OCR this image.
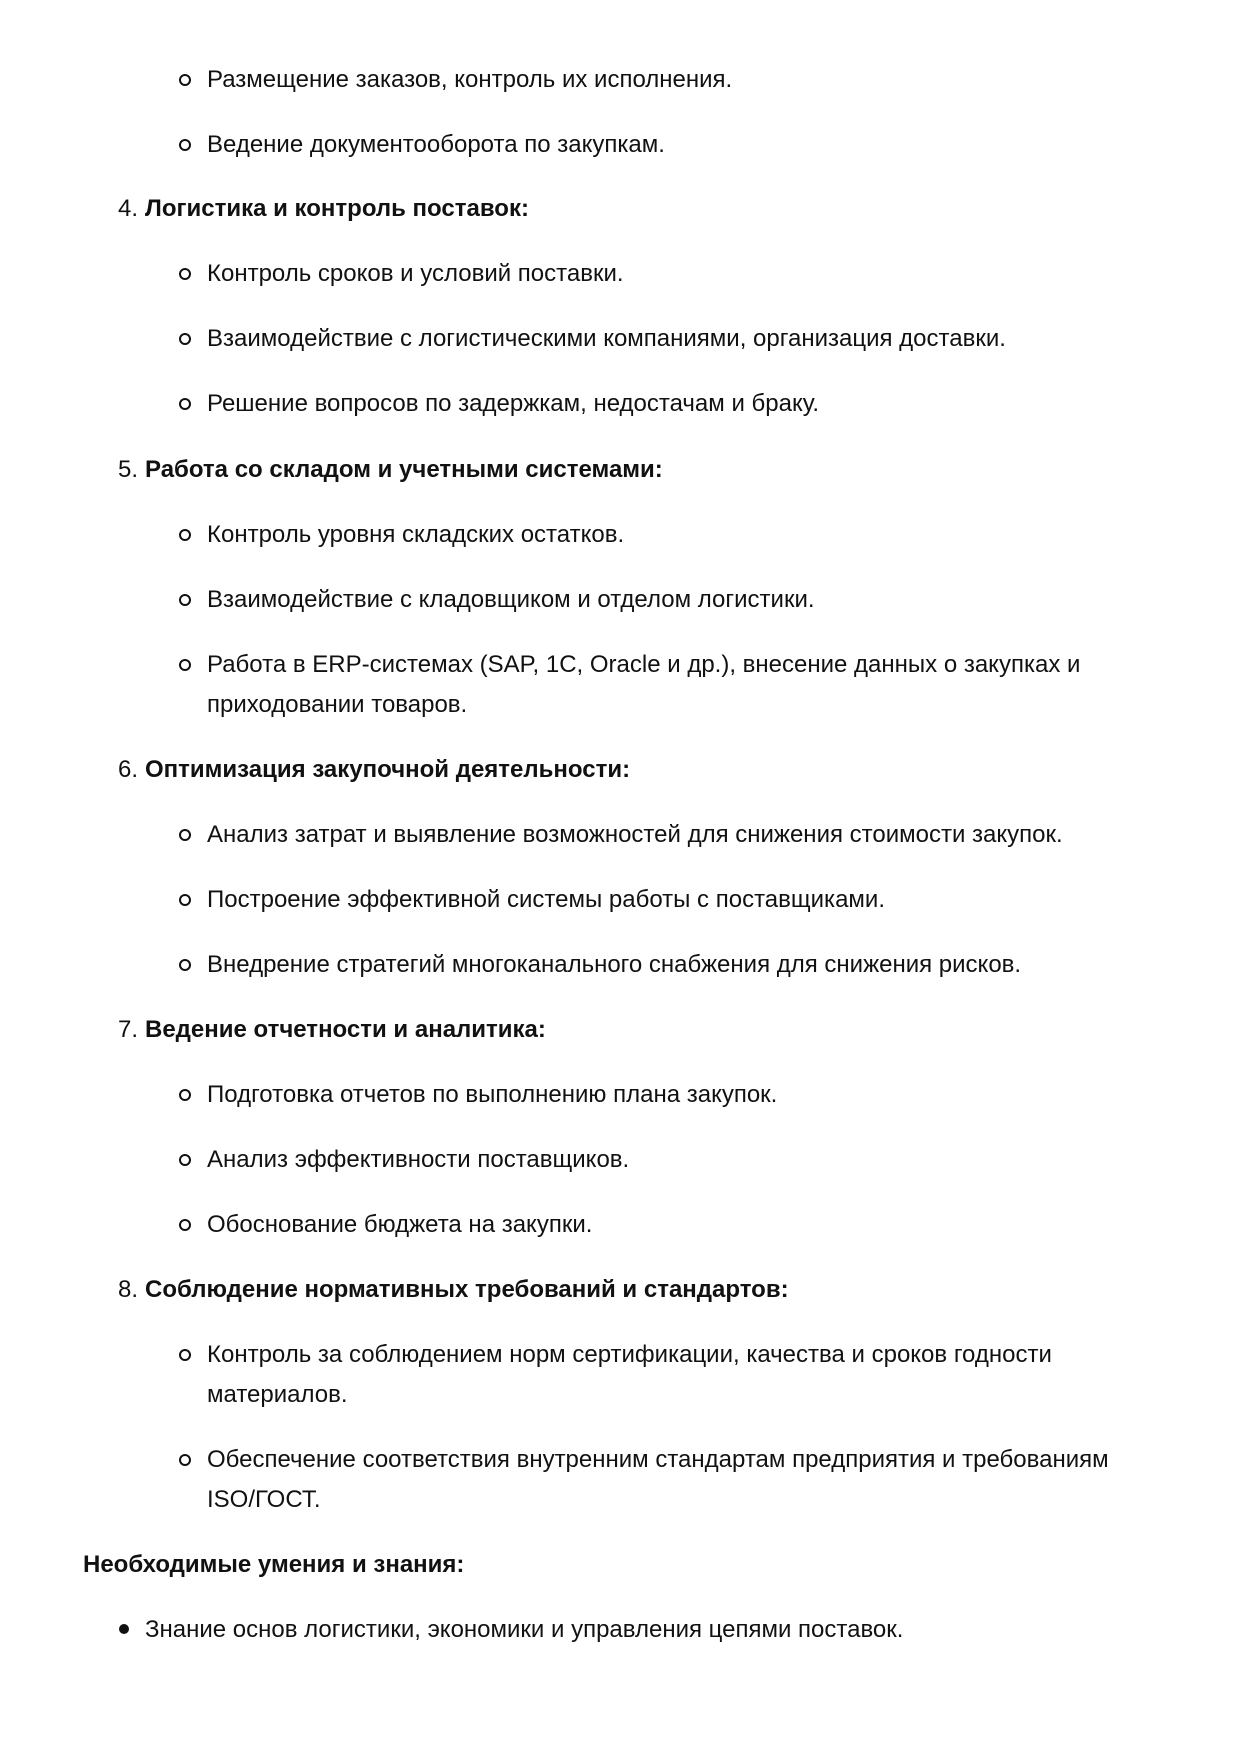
Размещение заказов, контроль их исполнения.
Ведение документооборота по закупкам.
4. Логистика и контроль поставок:
Контроль сроков и условий поставки.
Взаимодействие с логистическими компаниями, организация доставки.
Решение вопросов по задержкам, недостачам и браку.
5. Работа со складом и учетными системами:
Контроль уровня складских остатков.
Взаимодействие с кладовщиком и отделом логистики.
Работа в ERP-системах (SAP, 1С, Oracle и др.), внесение данных о закупках и
приходовании товаров.
6. Оптимизация закупочной деятельности:
Анализ затрат и выявление возможностей для снижения стоимости закупок.
Построение эффективной системы работы с поставщиками.
Внедрение стратегий многоканального снабжения для снижения рисков.
7. Ведение отчетности и аналитика:
Подготовка отчетов по выполнению плана закупок.
Анализ эффективности поставщиков.
Обоснование бюджета на закупки.
8. Соблюдение нормативных требований и стандартов:
Контроль за соблюдением норм сертификации, качества и сроков годности
материалов.
Обеспечение соответствия внутренним стандартам предприятия и требованиям
ISO/ГОСТ.
Необходимые умения и знания:
Знание основ логистики, экономики и управления цепями поставок.
